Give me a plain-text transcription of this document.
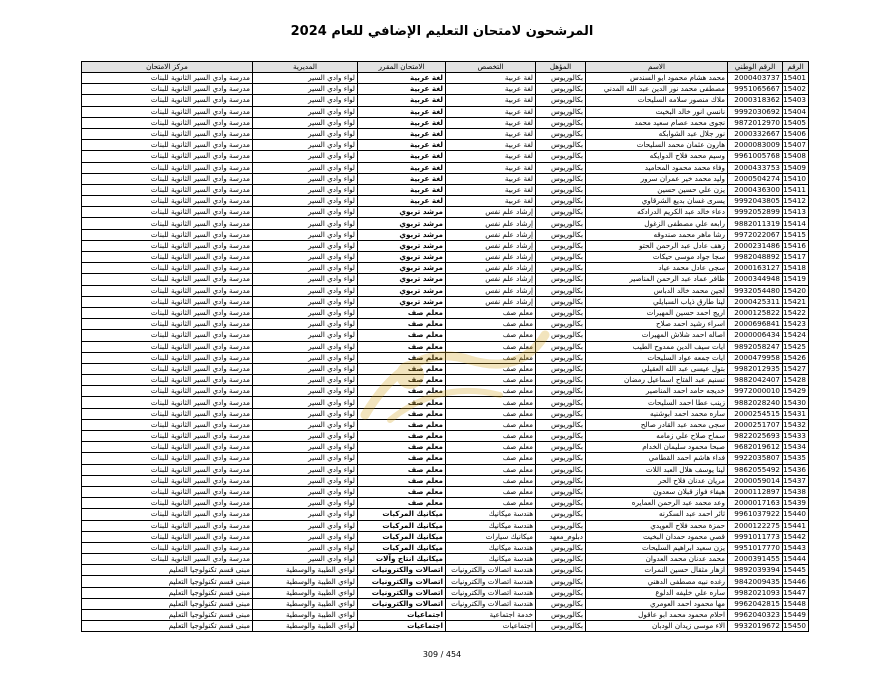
المرشحون لامتحان التعليم الإضافي للعام 2024
الرقم	الرقم الوطني	الاسم	المؤهل	التخصص	الامتحان المقرر	المديرية	مركز الامتحان
15401	2000403737	محمد هشام محمود ابو السندس	بكالوريوس	لغة عربية	لغة عربية	لواء وادي السير	مدرسة وادي السير الثانوية للبنات
15402	9951065667	مصطفى محمد نور الدين عبد الله المدني	بكالوريوس	لغة عربية	لغة عربية	لواء وادي السير	مدرسة وادي السير الثانوية للبنات
15403	2000318362	ملاك منصور سلامه السليحات	بكالوريوس	لغة عربية	لغة عربية	لواء وادي السير	مدرسة وادي السير الثانوية للبنات
15404	9992030692	نانسي انور خالد البخيت	بكالوريوس	لغة عربية	لغة عربية	لواء وادي السير	مدرسة وادي السير الثانوية للبنات
15405	9872012970	نجوى محمد عصام سعيد محمد	بكالوريوس	لغة عربية	لغة عربية	لواء وادي السير	مدرسة وادي السير الثانوية للبنات
15406	2000332667	نور جلال عبد الشوابكه	بكالوريوس	لغة عربية	لغة عربية	لواء وادي السير	مدرسة وادي السير الثانوية للبنات
15407	2000083009	هارون عثمان محمد السليحات	بكالوريوس	لغة عربية	لغة عربية	لواء وادي السير	مدرسة وادي السير الثانوية للبنات
15408	9961005768	وسيم محمد فلاح الدوايكه	بكالوريوس	لغة عربية	لغة عربية	لواء وادي السير	مدرسة وادي السير الثانوية للبنات
15409	2000433753	وفاء محمد محمود المحاميد	بكالوريوس	لغة عربية	لغة عربية	لواء وادي السير	مدرسة وادي السير الثانوية للبنات
15410	2000504274	وليد محمد خير عمران سرور	بكالوريوس	لغة عربية	لغة عربية	لواء وادي السير	مدرسة وادي السير الثانوية للبنات
15411	2000436300	يزن علي حسين حسين	بكالوريوس	لغة عربية	لغة عربية	لواء وادي السير	مدرسة وادي السير الثانوية للبنات
15412	9992043805	يسرى غسان بديع الشرقاوي	بكالوريوس	لغة عربية	لغة عربية	لواء وادي السير	مدرسة وادي السير الثانوية للبنات
15413	9992052899	دعاء خالد عبد الكريم الدرادكه	بكالوريوس	إرشاد علم نفس	مرشد تربوي	لواء وادي السير	مدرسة وادي السير الثانوية للبنات
15414	9882011319	رابعه علي مصطفى الزغول	بكالوريوس	إرشاد علم نفس	مرشد تربوي	لواء وادي السير	مدرسة وادي السير الثانوية للبنات
15415	9972022067	رشا ماهر محمد صندوقه	بكالوريوس	إرشاد علم نفس	مرشد تربوي	لواء وادي السير	مدرسة وادي السير الثانوية للبنات
15416	2000231486	زهف عادل عبد الرحمن الحتو	بكالوريوس	إرشاد علم نفس	مرشد تربوي	لواء وادي السير	مدرسة وادي السير الثانوية للبنات
15417	9982048892	سجا جواد موسى حيكات	بكالوريوس	إرشاد علم نفس	مرشد تربوي	لواء وادي السير	مدرسة وادي السير الثانوية للبنات
15418	2000163127	سجى عادل محمد عياد	بكالوريوس	إرشاد علم نفس	مرشد تربوي	لواء وادي السير	مدرسة وادي السير الثانوية للبنات
15419	2000344948	ظافر عماد عبد الرحمن المناصير	بكالوريوس	إرشاد علم نفس	مرشد تربوي	لواء وادي السير	مدرسة وادي السير الثانوية للبنات
15420	9932054480	لجين محمد خالد الدباس	بكالوريوس	إرشاد علم نفس	مرشد تربوي	لواء وادي السير	مدرسة وادي السير الثانوية للبنات
15421	2000425311	لينا طارق ذياب السبايلي	بكالوريوس	إرشاد علم نفس	مرشد تربوي	لواء وادي السير	مدرسة وادي السير الثانوية للبنات
15422	2000125822	اريج احمد حسين المهيرات	بكالوريوس	معلم صف	معلم صف	لواء وادي السير	مدرسة وادي السير الثانوية للبنات
15423	2000696841	اسراء رشيد احمد صلاح	بكالوريوس	معلم صف	معلم صف	لواء وادي السير	مدرسة وادي السير الثانوية للبنات
15424	2000006434	اصاله احمد شلاش المهيرات	بكالوريوس	معلم صف	معلم صف	لواء وادي السير	مدرسة وادي السير الثانوية للبنات
15425	9892058247	ايات سيف الدين ممدوح الطيب	بكالوريوس	معلم صف	معلم صف	لواء وادي السير	مدرسة وادي السير الثانوية للبنات
15426	2000479958	ايات جمعه عواد السليحات	بكالوريوس	معلم صف	معلم صف	لواء وادي السير	مدرسة وادي السير الثانوية للبنات
15427	9982012935	بتول عيسى عبد الله العقيلي	بكالوريوس	معلم صف	معلم صف	لواء وادي السير	مدرسة وادي السير الثانوية للبنات
15428	9882042407	تسنيم عبد الفتاح اسماعيل رمضان	بكالوريوس	معلم صف	معلم صف	لواء وادي السير	مدرسة وادي السير الثانوية للبنات
15429	9972000010	خديجه حامد احمد المناصير	بكالوريوس	معلم صف	معلم صف	لواء وادي السير	مدرسة وادي السير الثانوية للبنات
15430	9882028240	زينب عطا احمد السليحات	بكالوريوس	معلم صف	معلم صف	لواء وادي السير	مدرسة وادي السير الثانوية للبنات
15431	2000254515	ساره محمد احمد ابوشنيه	بكالوريوس	معلم صف	معلم صف	لواء وادي السير	مدرسة وادي السير الثانوية للبنات
15432	2000251707	سجى محمد عبد القادر صالح	بكالوريوس	معلم صف	معلم صف	لواء وادي السير	مدرسة وادي السير الثانوية للبنات
15433	9822025693	سماح صلاح علي زمامه	بكالوريوس	معلم صف	معلم صف	لواء وادي السير	مدرسة وادي السير الثانوية للبنات
15434	9682019612	صبحا محمود سليمان الخدام	بكالوريوس	معلم صف	معلم صف	لواء وادي السير	مدرسة وادي السير الثانوية للبنات
15435	9922035807	فداء هاشم احمد القطامي	بكالوريوس	معلم صف	معلم صف	لواء وادي السير	مدرسة وادي السير الثانوية للبنات
15436	9862055492	لينا يوسف هلال العبد اللات	بكالوريوس	معلم صف	معلم صف	لواء وادي السير	مدرسة وادي السير الثانوية للبنات
15437	2000059014	مريان عدنان فلاح الحر	بكالوريوس	معلم صف	معلم صف	لواء وادي السير	مدرسة وادي السير الثانوية للبنات
15438	2000112897	هيفاء فواز قبلان سعدون	بكالوريوس	معلم صف	معلم صف	لواء وادي السير	مدرسة وادي السير الثانوية للبنات
15439	2000017163	وعد محمد عبد الرحمن العمايره	بكالوريوس	معلم صف	معلم صف	لواء وادي السير	مدرسة وادي السير الثانوية للبنات
15440	9961037922	ثائر احمد عبد السكرنه	بكالوريوس	هندسة ميكانيك	ميكانيك المركبات	لواء وادي السير	مدرسة وادي السير الثانوية للبنات
15441	2000122275	حمزة محمد فلاح العويدي	بكالوريوس	هندسة ميكانيك	ميكانيك المركبات	لواء وادي السير	مدرسة وادي السير الثانوية للبنات
15442	9991011773	قصي محمود حمدان البخيت	دبلوم_معهد	ميكانيك سيارات	ميكانيك المركبات	لواء وادي السير	مدرسة وادي السير الثانوية للبنات
15443	9951017770	يزن سعيد ابراهيم السليحات	بكالوريوس	هندسة ميكانيك	ميكانيك المركبات	لواء وادي السير	مدرسة وادي السير الثانوية للبنات
15444	2000391455	محمد عدنان محمد العدوان	بكالوريوس	هندسة ميكانيك	ميكانيك انتاج وآلات	لواء وادي السير	مدرسة وادي السير الثانوية للبنات
15445	9892039394	ازهار مثقال حسين النمرات	بكالوريوس	هندسة اتصالات والكترونيات	اتصالات والكترونيات	لواءي الطيبة والوسطية	مبنى قسم تكنولوجيا التعليم
15446	9842009435	رغده نبيه مصطفى الدهني	بكالوريوس	هندسة اتصالات والكترونيات	اتصالات والكترونيات	لواءي الطيبة والوسطية	مبنى قسم تكنولوجيا التعليم
15447	9982021093	ساره علي خليفه الدلوع	بكالوريوس	هندسة اتصالات والكترونيات	اتصالات والكترونيات	لواءي الطيبة والوسطية	مبنى قسم تكنولوجيا التعليم
15448	9962042815	مها محمود احمد العومري	بكالوريوس	هندسة اتصالات والكترونيات	اتصالات والكترونيات	لواءي الطيبة والوسطية	مبنى قسم تكنولوجيا التعليم
15449	9962040323	احلام محمود محمد ابو عاقول	بكالوريوس	خدمة اجتماعية	اجتماعيات	لواءي الطيبة والوسطية	مبنى قسم تكنولوجيا التعليم
15450	9932019672	الاء موسى زيدان الودبان	بكالوريوس	اجتماعيات	اجتماعيات	لواءي الطيبة والوسطية	مبنى قسم تكنولوجيا التعليم
309 / 454
